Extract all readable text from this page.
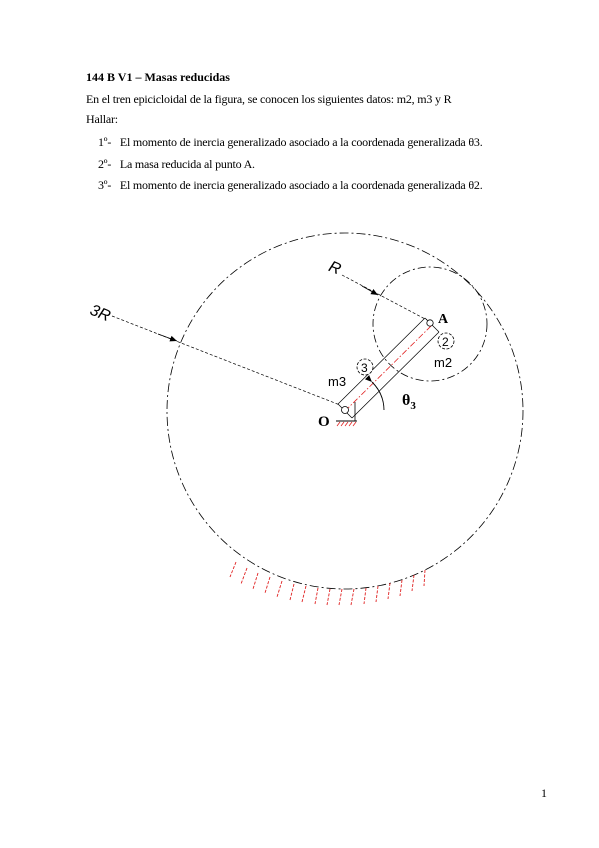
144 B V1 – Masas reducidas
En el tren epicicloidal de la figura, se conocen los siguientes datos: m2, m3 y R
Hallar:
1º- El momento de inercia generalizado asociado a la coordenada generalizada θ3.
2º- La masa reducida al punto A.
3º- El momento de inercia generalizado asociado a la coordenada generalizada θ2.
3R
R
A
O
2
3	m2
m3
$\theta_3$
1
